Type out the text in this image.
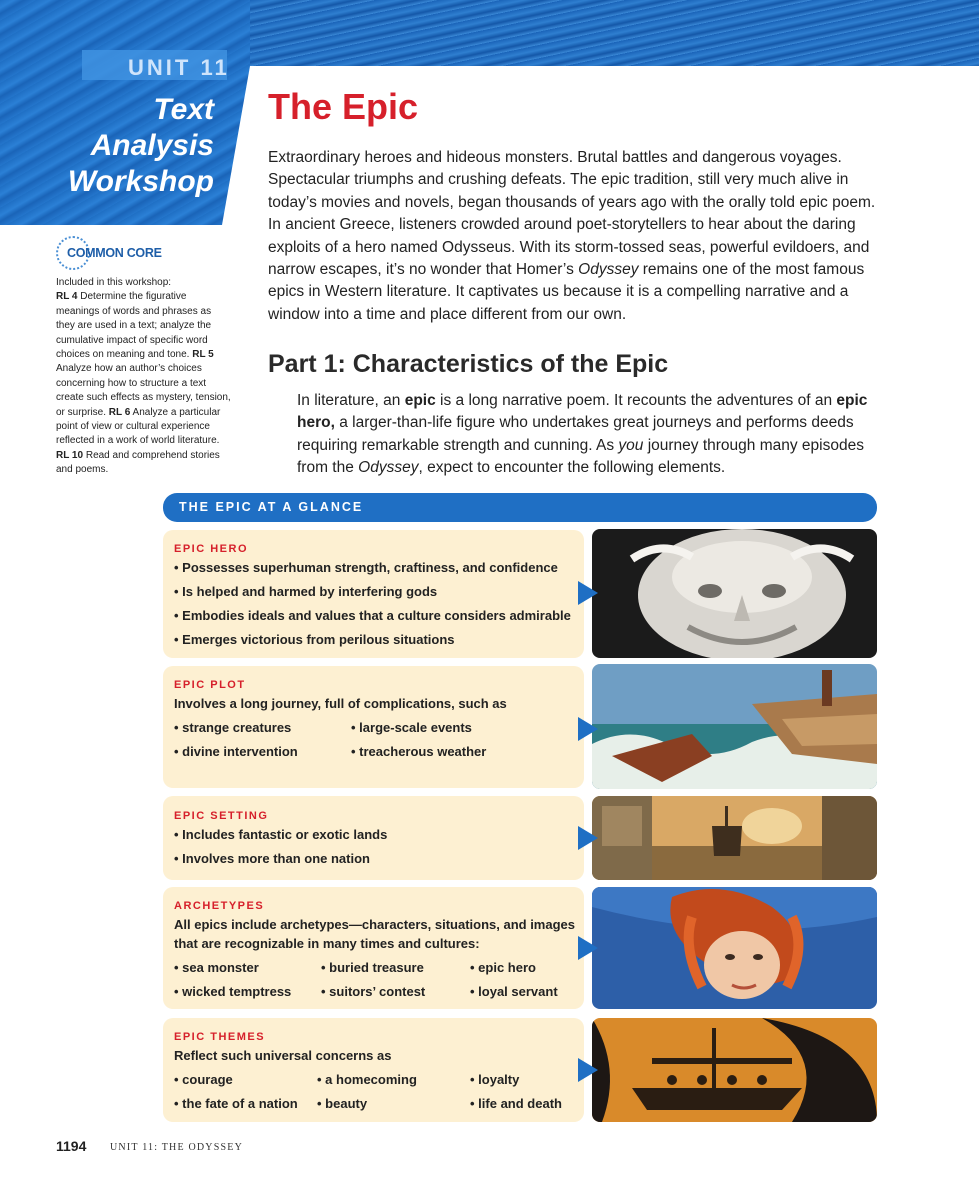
UNIT 11
Text
Analysis
Workshop
The Epic

Extraordinary heroes and hideous monsters. Brutal battles and dangerous voyages. Spectacular triumphs and crushing defeats. The epic tradition, still very much alive in today’s movies and novels, began thousands of years ago with the orally told epic poem. In ancient Greece, listeners crowded around poet-storytellers to hear about the daring exploits of a hero named Odysseus. With its storm-tossed seas, powerful evildoers, and narrow escapes, it’s no wonder that Homer’s Odyssey remains one of the most famous epics in Western literature. It captivates us because it is a compelling narrative and a window into a time and place different from our own.

COMMON CORE

Included in this workshop:
RL 4 Determine the figurative meanings of words and phrases as they are used in a text; analyze the cumulative impact of specific word choices on meaning and tone. RL 5 Analyze how an author’s choices concerning how to structure a text create such effects as mystery, tension, or surprise. RL 6 Analyze a particular point of view or cultural experience reflected in a work of world literature. RL 10 Read and comprehend stories and poems.

Part 1: Characteristics of the Epic

In literature, an epic is a long narrative poem. It recounts the adventures of an epic hero, a larger-than-life figure who undertakes great journeys and performs deeds requiring remarkable strength and cunning. As you journey through many episodes from the Odyssey, expect to encounter the following elements.

THE EPIC AT A GLANCE
EPIC HERO
• Possesses superhuman strength, craftiness, and confidence
• Is helped and harmed by interfering gods
• Embodies ideals and values that a culture considers admirable
• Emerges victorious from perilous situations
EPIC PLOT
Involves a long journey, full of complications, such as
• strange creatures	• large-scale events
• divine intervention	• treacherous weather
EPIC SETTING
• Includes fantastic or exotic lands
• Involves more than one nation
ARCHETYPES
All epics include archetypes—characters, situations, and images
that are recognizable in many times and cultures:
• sea monster	• buried treasure	• epic hero
• wicked temptress • suitors’ contest	• loyal servant
EPIC THEMES
Reflect such universal concerns as
• courage	• a homecoming	• loyalty
• the fate of a nation • beauty	• life and death
1194 UNIT 11: THE ODYSSEY
